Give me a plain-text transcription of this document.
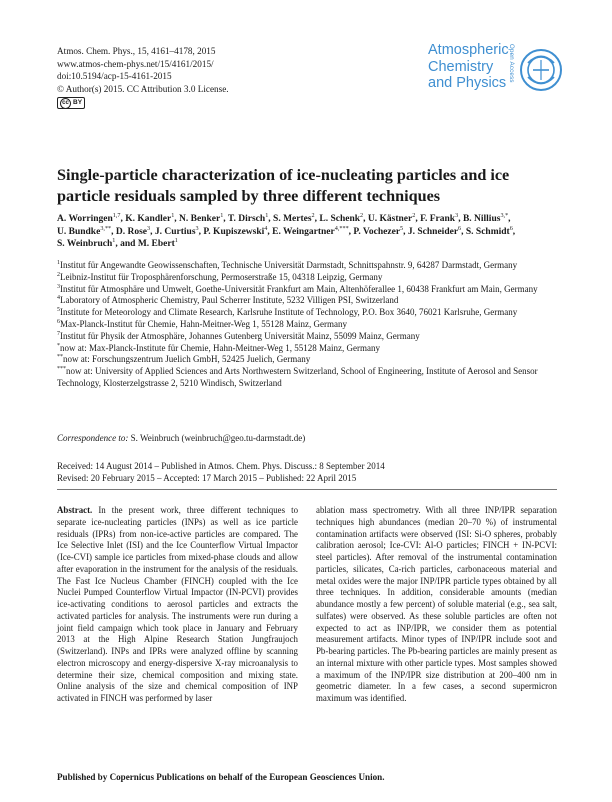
Atmos. Chem. Phys., 15, 4161–4178, 2015
www.atmos-chem-phys.net/15/4161/2015/
doi:10.5194/acp-15-4161-2015
© Author(s) 2015. CC Attribution 3.0 License.
cc BY
Atmospheric
Chemistry
and Physics
Open Access
Single-particle characterization of ice-nucleating particles and ice particle residuals sampled by three different techniques
A. Worringen$^{1,7}$, K. Kandler$^1$, N. Benker$^1$, T. Dirsch$^1$, S. Mertes$^2$, L. Schenk$^2$, U. Kästner$^2$, F. Frank$^3$, B. Nillius$^{3,*}$, U. Bundke$^{3,**}$, D. Rose$^3$, J. Curtius$^3$, P. Kupiszewski$^4$, E. Weingartner$^{4,***}$, P. Vochezer$^5$, J. Schneider$^6$, S. Schmidt$^6$, S. Weinbruch$^1$, and M. Ebert$^1$
$^1$Institut für Angewandte Geowissenschaften, Technische Universität Darmstadt, Schnittspahnstr. 9, 64287 Darmstadt, Germany
$^2$Leibniz-Institut für Troposphärenforschung, Permoserstraße 15, 04318 Leipzig, Germany
$^3$Institut für Atmosphäre und Umwelt, Goethe-Universität Frankfurt am Main, Altenhöferallee 1, 60438 Frankfurt am Main, Germany
$^4$Laboratory of Atmospheric Chemistry, Paul Scherrer Institute, 5232 Villigen PSI, Switzerland
$^5$Institute for Meteorology and Climate Research, Karlsruhe Institute of Technology, P.O. Box 3640, 76021 Karlsruhe, Germany
$^6$Max-Planck-Institut für Chemie, Hahn-Meitner-Weg 1, 55128 Mainz, Germany
$^7$Institut für Physik der Atmosphäre, Johannes Gutenberg Universität Mainz, 55099 Mainz, Germany
*now at: Max-Planck-Institute für Chemie, Hahn-Meitner-Weg 1, 55128 Mainz, Germany
**now at: Forschungszentrum Juelich GmbH, 52425 Juelich, Germany
***now at: University of Applied Sciences and Arts Northwestern Switzerland, School of Engineering, Institute of Aerosol and Sensor Technology, Klosterzelgstrasse 2, 5210 Windisch, Switzerland
Correspondence to: S. Weinbruch (weinbruch@geo.tu-darmstadt.de)
Received: 14 August 2014 – Published in Atmos. Chem. Phys. Discuss.: 8 September 2014
Revised: 20 February 2015 – Accepted: 17 March 2015 – Published: 22 April 2015
Abstract. In the present work, three different techniques to separate ice-nucleating particles (INPs) as well as ice particle residuals (IPRs) from non-ice-active particles are compared. The Ice Selective Inlet (ISI) and the Ice Counterflow Virtual Impactor (Ice-CVI) sample ice particles from mixed-phase clouds and allow after evaporation in the instrument for the analysis of the residuals. The Fast Ice Nucleus Chamber (FINCH) coupled with the Ice Nuclei Pumped Counterflow Virtual Impactor (IN-PCVI) provides ice-activating conditions to aerosol particles and extracts the activated particles for analysis. The instruments were run during a joint field campaign which took place in January and February 2013 at the High Alpine Research Station Jungfraujoch (Switzerland). INPs and IPRs were analyzed offline by scanning electron microscopy and energy-dispersive X-ray microanalysis to determine their size, chemical composition and mixing state. Online analysis of the size and chemical composition of INP activated in FINCH was performed by laser
ablation mass spectrometry. With all three INP/IPR separation techniques high abundances (median 20–70 %) of instrumental contamination artifacts were observed (ISI: Si-O spheres, probably calibration aerosol; Ice-CVI: Al-O particles; FINCH + IN-PCVI: steel particles). After removal of the instrumental contamination particles, silicates, Ca-rich particles, carbonaceous material and metal oxides were the major INP/IPR particle types obtained by all three techniques. In addition, considerable amounts (median abundance mostly a few percent) of soluble material (e.g., sea salt, sulfates) were observed. As these soluble particles are often not expected to act as INP/IPR, we consider them as potential measurement artifacts. Minor types of INP/IPR include soot and Pb-bearing particles. The Pb-bearing particles are mainly present as an internal mixture with other particle types. Most samples showed a maximum of the INP/IPR size distribution at 200–400 nm in geometric diameter. In a few cases, a second supermicron maximum was identified.
Published by Copernicus Publications on behalf of the European Geosciences Union.
